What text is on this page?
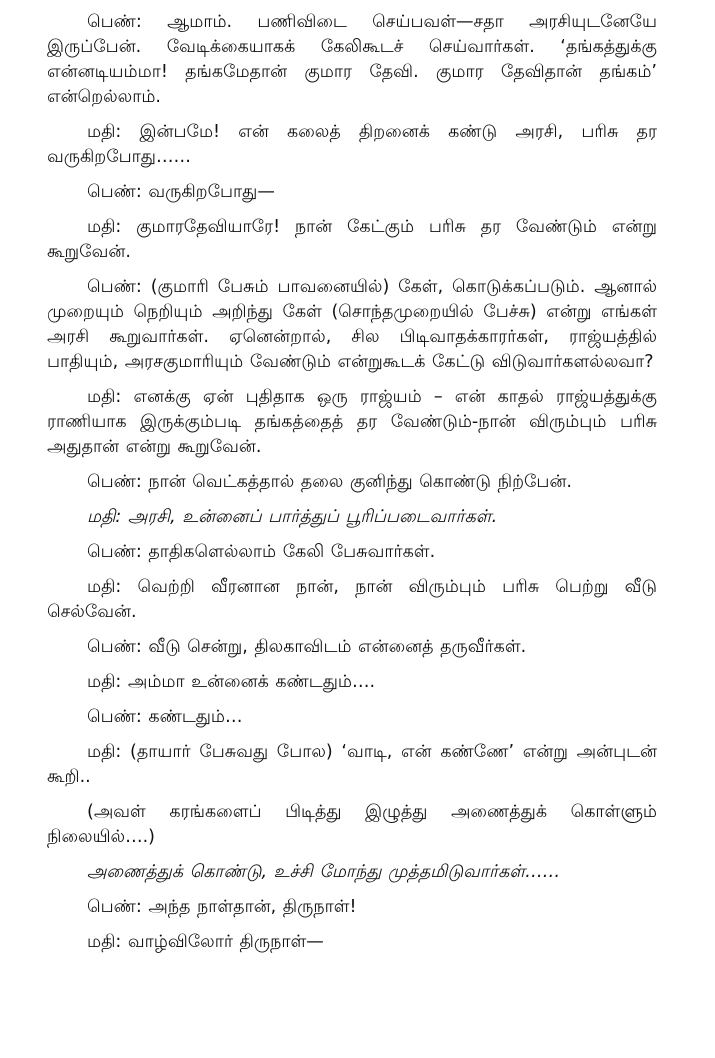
பெண்: ஆமாம். பணிவிடை செய்பவள்—சதா அரசியுடனேயே இருப்பேன். வேடிக்கையாகக் கேலிகூடச் செய்வார்கள். ‘தங்கத்துக்கு என்னடியம்மா! தங்கமேதான் குமார தேவி. குமார தேவிதான் தங்கம்’ என்றெல்லாம்.

மதி: இன்பமே! என் கலைத் திறனைக் கண்டு அரசி, பரிசு தர வருகிறபோது……

பெண்: வருகிறபோது—

மதி: குமாரதேவியாரே! நான் கேட்கும் பரிசு தர வேண்டும் என்று கூறுவேன்.

பெண்: (குமாரி பேசும் பாவனையில்) கேள், கொடுக்கப்படும். ஆனால் முறையும் நெறியும் அறிந்து கேள் (சொந்தமுறையில் பேச்சு) என்று எங்கள் அரசி கூறுவார்கள். ஏனென்றால், சில பிடிவாதக்காரர்கள், ராஜ்யத்தில் பாதியும், அரசகுமாரியும் வேண்டும் என்றுகூடக் கேட்டு விடுவார்களல்லவா?

மதி: எனக்கு ஏன் புதிதாக ஒரு ராஜ்யம் – என் காதல் ராஜ்யத்துக்கு ராணியாக இருக்கும்படி தங்கத்தைத் தர வேண்டும்-நான் விரும்பும் பரிசு அதுதான் என்று கூறுவேன்.

பெண்: நான் வெட்கத்தால் தலை குனிந்து கொண்டு நிற்பேன்.

மதி: அரசி, உன்னைப் பார்த்துப் பூரிப்படைவார்கள்.

பெண்: தாதிகளெல்லாம் கேலி பேசுவார்கள்.

மதி: வெற்றி வீரனான நான், நான் விரும்பும் பரிசு பெற்று வீடு செல்வேன்.

பெண்: வீடு சென்று, திலகாவிடம் என்னைத் தருவீர்கள்.

மதி: அம்மா உன்னைக் கண்டதும்….

பெண்: கண்டதும்…

மதி: (தாயார் பேசுவது போல) ‘வாடி, என் கண்ணே’ என்று அன்புடன் கூறி..

(அவள் கரங்களைப் பிடித்து இழுத்து அணைத்துக் கொள்ளும் நிலையில்….)

அணைத்துக் கொண்டு, உச்சி மோந்து முத்தமிடுவார்கள்……

பெண்: அந்த நாள்தான், திருநாள்!

மதி: வாழ்விலோர் திருநாள்—
